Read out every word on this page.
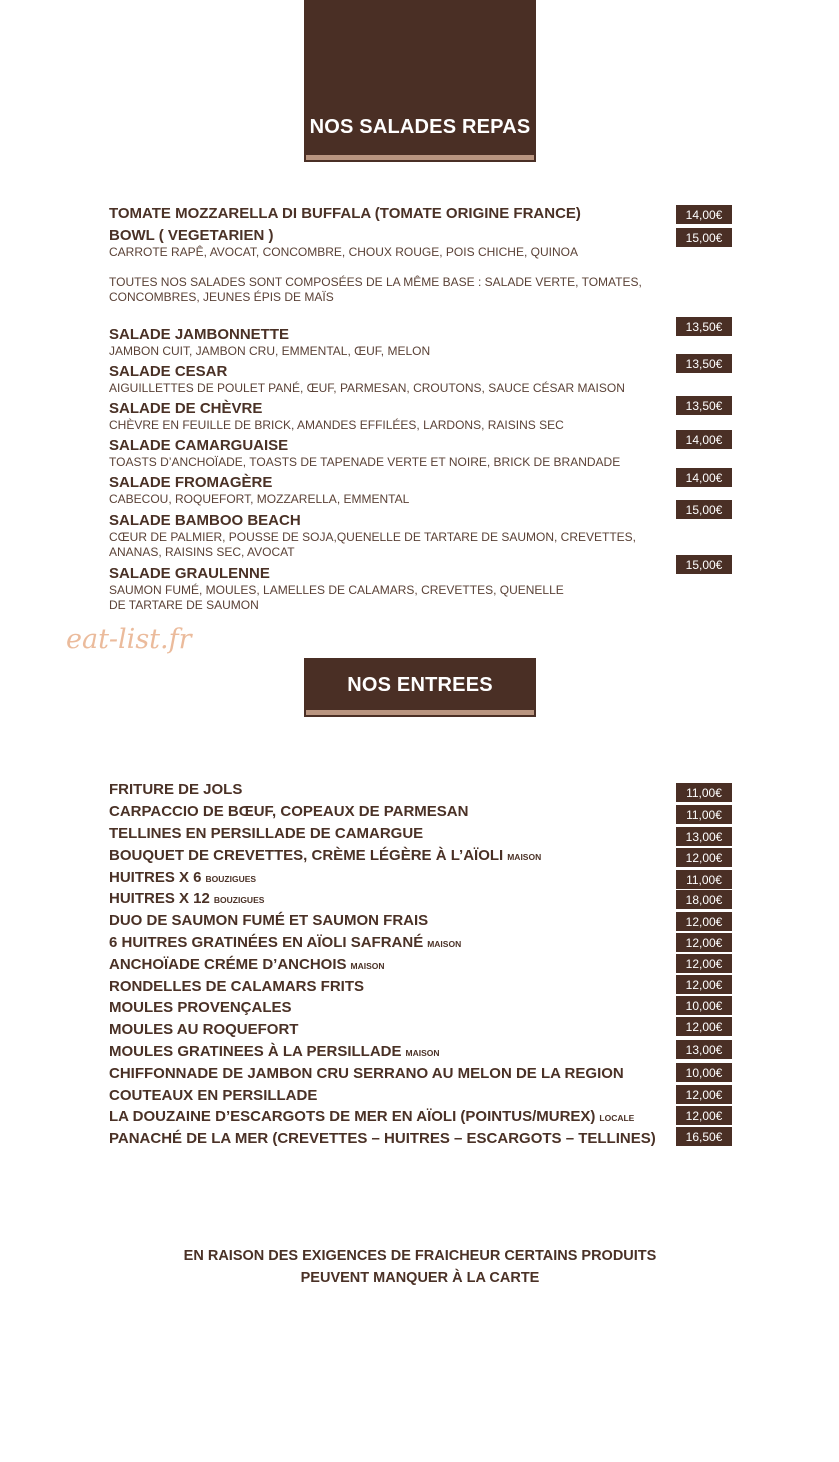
NOS SALADES REPAS
TOMATE MOZZARELLA DI BUFFALA (TOMATE ORIGINE FRANCE)	14,00€
BOWL ( VEGETARIEN )
CARROTE RAPÊ, AVOCAT, CONCOMBRE, CHOUX ROUGE, POIS CHICHE, QUINOA
15,00€
TOUTES NOS SALADES SONT COMPOSÉES DE LA MÊME BASE : SALADE VERTE, TOMATES,
CONCOMBRES, JEUNES ÉPIS DE MAÏS
SALADE JAMBONNETTE
JAMBON CUIT, JAMBON CRU, EMMENTAL, ŒUF, MELON
13,50€
SALADE CESAR
AIGUILLETTES DE POULET PANÉ, ŒUF, PARMESAN, CROUTONS, SAUCE CÉSAR MAISON
13,50€
SALADE DE CHÈVRE
CHÈVRE EN FEUILLE DE BRICK, AMANDES EFFILÉES, LARDONS, RAISINS SEC
13,50€
SALADE CAMARGUAISE
TOASTS D’ANCHOÏADE, TOASTS DE TAPENADE VERTE ET NOIRE, BRICK DE BRANDADE
14,00€
SALADE FROMAGÈRE
CABECOU, ROQUEFORT, MOZZARELLA, EMMENTAL
14,00€
SALADE BAMBOO BEACH
CŒUR DE PALMIER, POUSSE DE SOJA,QUENELLE DE TARTARE DE SAUMON, CREVETTES,
ANANAS, RAISINS SEC, AVOCAT
15,00€
SALADE GRAULENNE
SAUMON FUMÉ, MOULES, LAMELLES DE CALAMARS, CREVETTES, QUENELLE
DE TARTARE DE SAUMON
15,00€
eat-list.fr
NOS ENTREES
FRITURE DE JOLS	11,00€
CARPACCIO DE BŒUF, COPEAUX DE PARMESAN	11,00€
TELLINES EN PERSILLADE DE CAMARGUE	13,00€
BOUQUET DE CREVETTES, CRÈME LÉGÈRE À L’AÏOLI MAISON	12,00€
HUITRES X 6 BOUZIGUES	11,00€
HUITRES X 12 BOUZIGUES	18,00€
DUO DE SAUMON FUMÉ ET SAUMON FRAIS	12,00€
6 HUITRES GRATINÉES EN AÏOLI SAFRANÉ MAISON	12,00€
ANCHOÏADE CRÉME D’ANCHOIS MAISON	12,00€
RONDELLES DE CALAMARS FRITS	12,00€
MOULES PROVENÇALES	10,00€
MOULES AU ROQUEFORT	12,00€
MOULES GRATINEES À LA PERSILLADE MAISON	13,00€
CHIFFONNADE DE JAMBON CRU SERRANO AU MELON DE LA REGION	10,00€
COUTEAUX EN PERSILLADE	12,00€
LA DOUZAINE D’ESCARGOTS DE MER EN AÏOLI (POINTUS/MUREX) LOCALE	12,00€
PANACHÉ DE LA MER (CREVETTES – HUITRES – ESCARGOTS – TELLINES)	16,50€
EN RAISON DES EXIGENCES DE FRAICHEUR CERTAINS PRODUITS
PEUVENT MANQUER À LA CARTE
